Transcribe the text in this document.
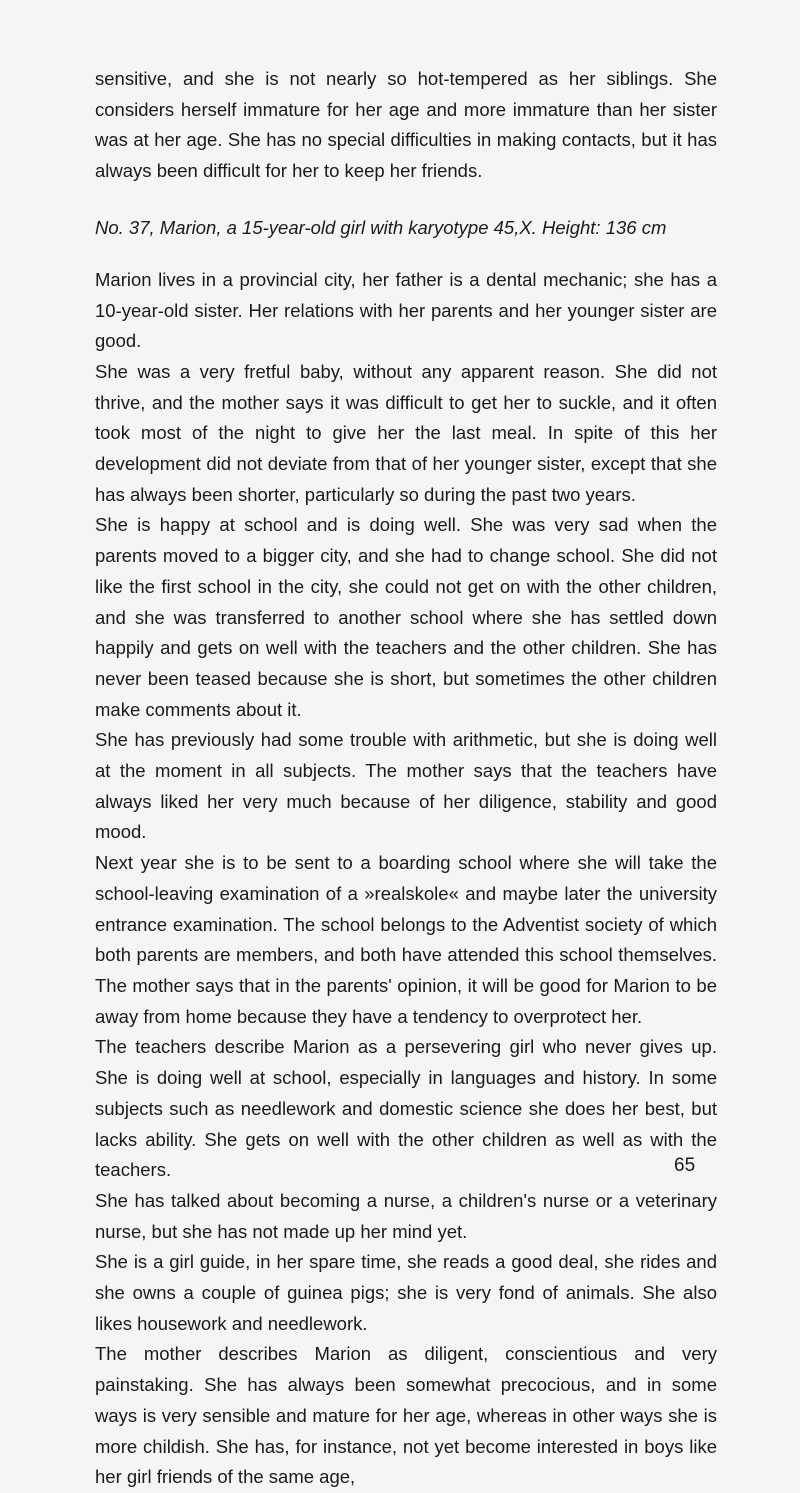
sensitive, and she is not nearly so hot-tempered as her siblings. She considers herself immature for her age and more immature than her sister was at her age. She has no special difficulties in making contacts, but it has always been difficult for her to keep her friends.

No. 37, Marion, a 15-year-old girl with karyotype 45,X. Height: 136 cm

Marion lives in a provincial city, her father is a dental mechanic; she has a 10-year-old sister. Her relations with her parents and her younger sister are good.

She was a very fretful baby, without any apparent reason. She did not thrive, and the mother says it was difficult to get her to suckle, and it often took most of the night to give her the last meal. In spite of this her development did not deviate from that of her younger sister, except that she has always been shorter, particularly so during the past two years.

She is happy at school and is doing well. She was very sad when the parents moved to a bigger city, and she had to change school. She did not like the first school in the city, she could not get on with the other children, and she was transferred to another school where she has settled down happily and gets on well with the teachers and the other children. She has never been teased because she is short, but sometimes the other children make comments about it.

She has previously had some trouble with arithmetic, but she is doing well at the moment in all subjects. The mother says that the teachers have always liked her very much because of her diligence, stability and good mood.

Next year she is to be sent to a boarding school where she will take the school-leaving examination of a »realskole« and maybe later the university entrance examination. The school belongs to the Adventist society of which both parents are members, and both have attended this school themselves. The mother says that in the parents' opinion, it will be good for Marion to be away from home because they have a tendency to overprotect her.

The teachers describe Marion as a persevering girl who never gives up. She is doing well at school, especially in languages and history. In some subjects such as needlework and domestic science she does her best, but lacks ability. She gets on well with the other children as well as with the teachers.

She has talked about becoming a nurse, a children's nurse or a veterinary nurse, but she has not made up her mind yet.

She is a girl guide, in her spare time, she reads a good deal, she rides and she owns a couple of guinea pigs; she is very fond of animals. She also likes housework and needlework.

The mother describes Marion as diligent, conscientious and very painstaking. She has always been somewhat precocious, and in some ways is very sensible and mature for her age, whereas in other ways she is more childish. She has, for instance, not yet become interested in boys like her girl friends of the same age,

65
